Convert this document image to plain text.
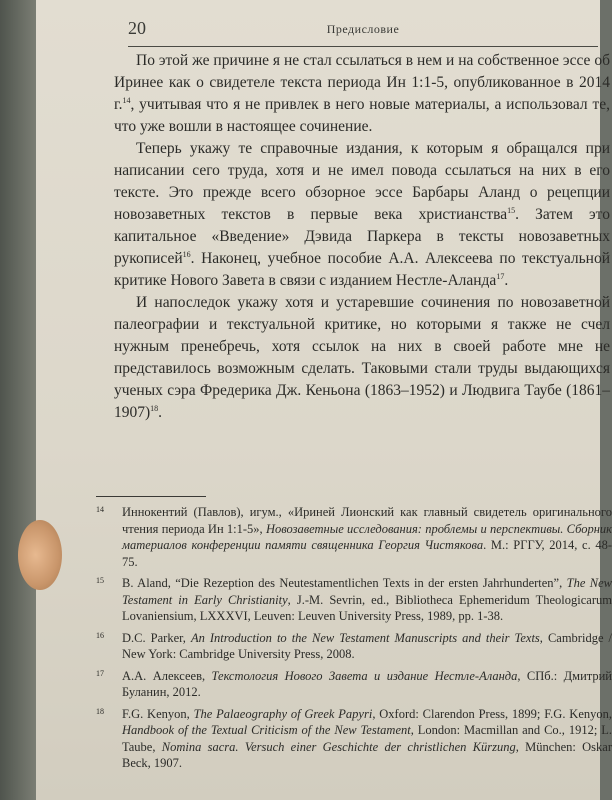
20	Предисловие

По этой же причине я не стал ссылаться в нем и на собственное эссе об Иринее как о свидетеле текста периода Ин 1:1-5, опубликованное в 2014 г.$^{14}$, учитывая что я не привлек в него новые материалы, а использовал те, что уже вошли в настоящее сочинение.

Теперь укажу те справочные издания, к которым я обращался при написании сего труда, хотя и не имел повода ссылаться на них в его тексте. Это прежде всего обзорное эссе Барбары Аланд о рецепции новозаветных текстов в первые века христианства$^{15}$. Затем это капитальное «Введение» Дэвида Паркера в тексты новозаветных рукописей$^{16}$. Наконец, учебное пособие А.А. Алексеева по текстуальной критике Нового Завета в связи с изданием Нестле-Аланда$^{17}$.

И напоследок укажу хотя и устаревшие сочинения по новозаветной палеографии и текстуальной критике, но которыми я также не счел нужным пренебречь, хотя ссылок на них в своей работе мне не представилось возможным сделать. Таковыми стали труды выдающихся ученых сэра Фредерика Дж. Кеньона (1863–1952) и Людвига Таубе (1861–1907)$^{18}$.

14 Иннокентий (Павлов), игум., «Ириней Лионский как главный свидетель оригинального чтения периода Ин 1:1-5», Новозаветные исследования: проблемы и перспективы. Сборник материалов конференции памяти священника Георгия Чистякова. М.: РГГУ, 2014, с. 48-75.
15 B. Aland, “Die Rezeption des Neutestamentlichen Texts in der ersten Jahrhunderten”, The New Testament in Early Christianity, J.-M. Sevrin, ed., Bibliotheca Ephemeridum Theologicarum Lovaniensium, LXXXVI, Leuven: Leuven University Press, 1989, pp. 1-38.
16 D.C. Parker, An Introduction to the New Testament Manuscripts and their Texts, Cambridge / New York: Cambridge University Press, 2008.
17 А.А. Алексеев, Текстология Нового Завета и издание Нестле-Аланда, СПб.: Дмитрий Буланин, 2012.
18 F.G. Kenyon, The Palaeography of Greek Papyri, Oxford: Clarendon Press, 1899; F.G. Kenyon, Handbook of the Textual Criticism of the New Testament, London: Macmillan and Co., 1912; L. Taube, Nomina sacra. Versuch einer Geschichte der christlichen Kürzung, München: Oskar Beck, 1907.
